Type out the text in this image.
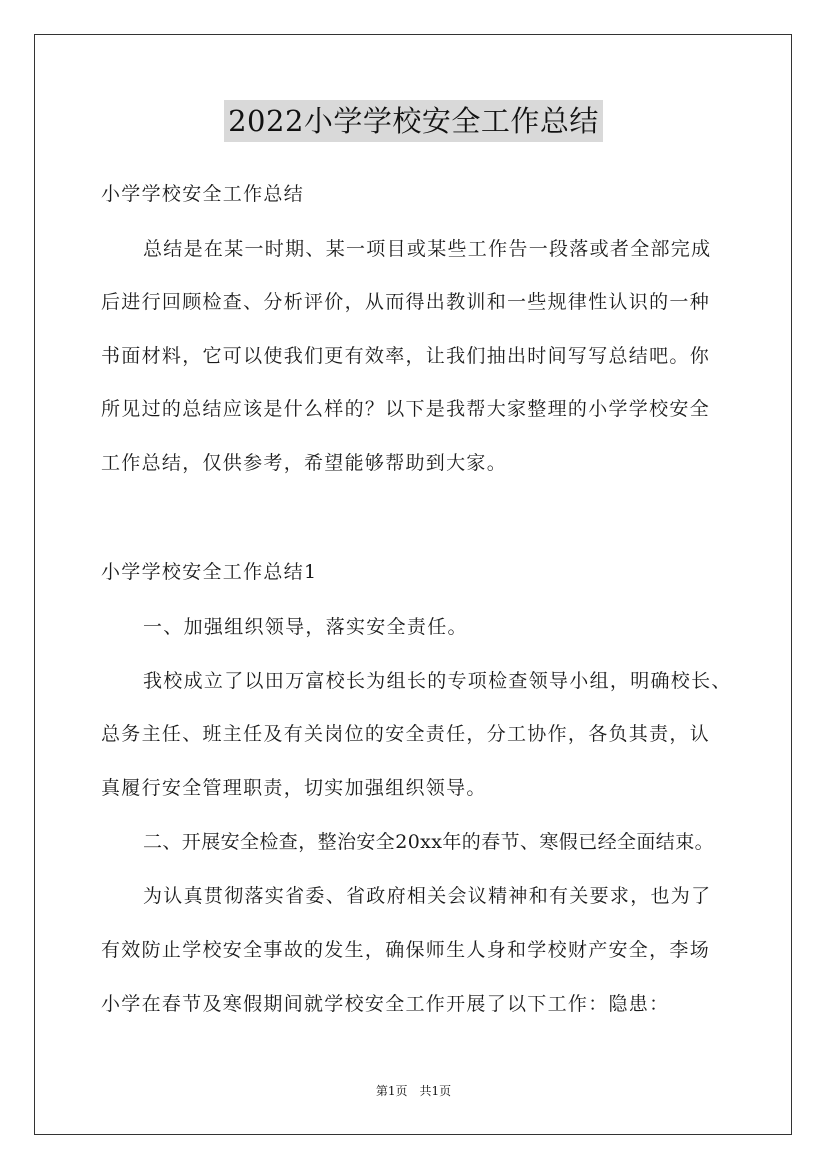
2022小学学校安全工作总结
小学学校安全工作总结
总结是在某一时期、某一项目或某些工作告一段落或者全部完成
后进行回顾检查、分析评价，从而得出教训和一些规律性认识的一种
书面材料，它可以使我们更有效率，让我们抽出时间写写总结吧。你
所见过的总结应该是什么样的？以下是我帮大家整理的小学学校安全
工作总结，仅供参考，希望能够帮助到大家。
小学学校安全工作总结1
一、加强组织领导，落实安全责任。
我校成立了以田万富校长为组长的专项检查领导小组，明确校长、
总务主任、班主任及有关岗位的安全责任，分工协作，各负其责，认
真履行安全管理职责，切实加强组织领导。
二、开展安全检查，整治安全20xx年的春节、寒假已经全面结束。
为认真贯彻落实省委、省政府相关会议精神和有关要求，也为了
有效防止学校安全事故的发生，确保师生人身和学校财产安全，李场
小学在春节及寒假期间就学校安全工作开展了以下工作：隐患：
第1页　共1页
